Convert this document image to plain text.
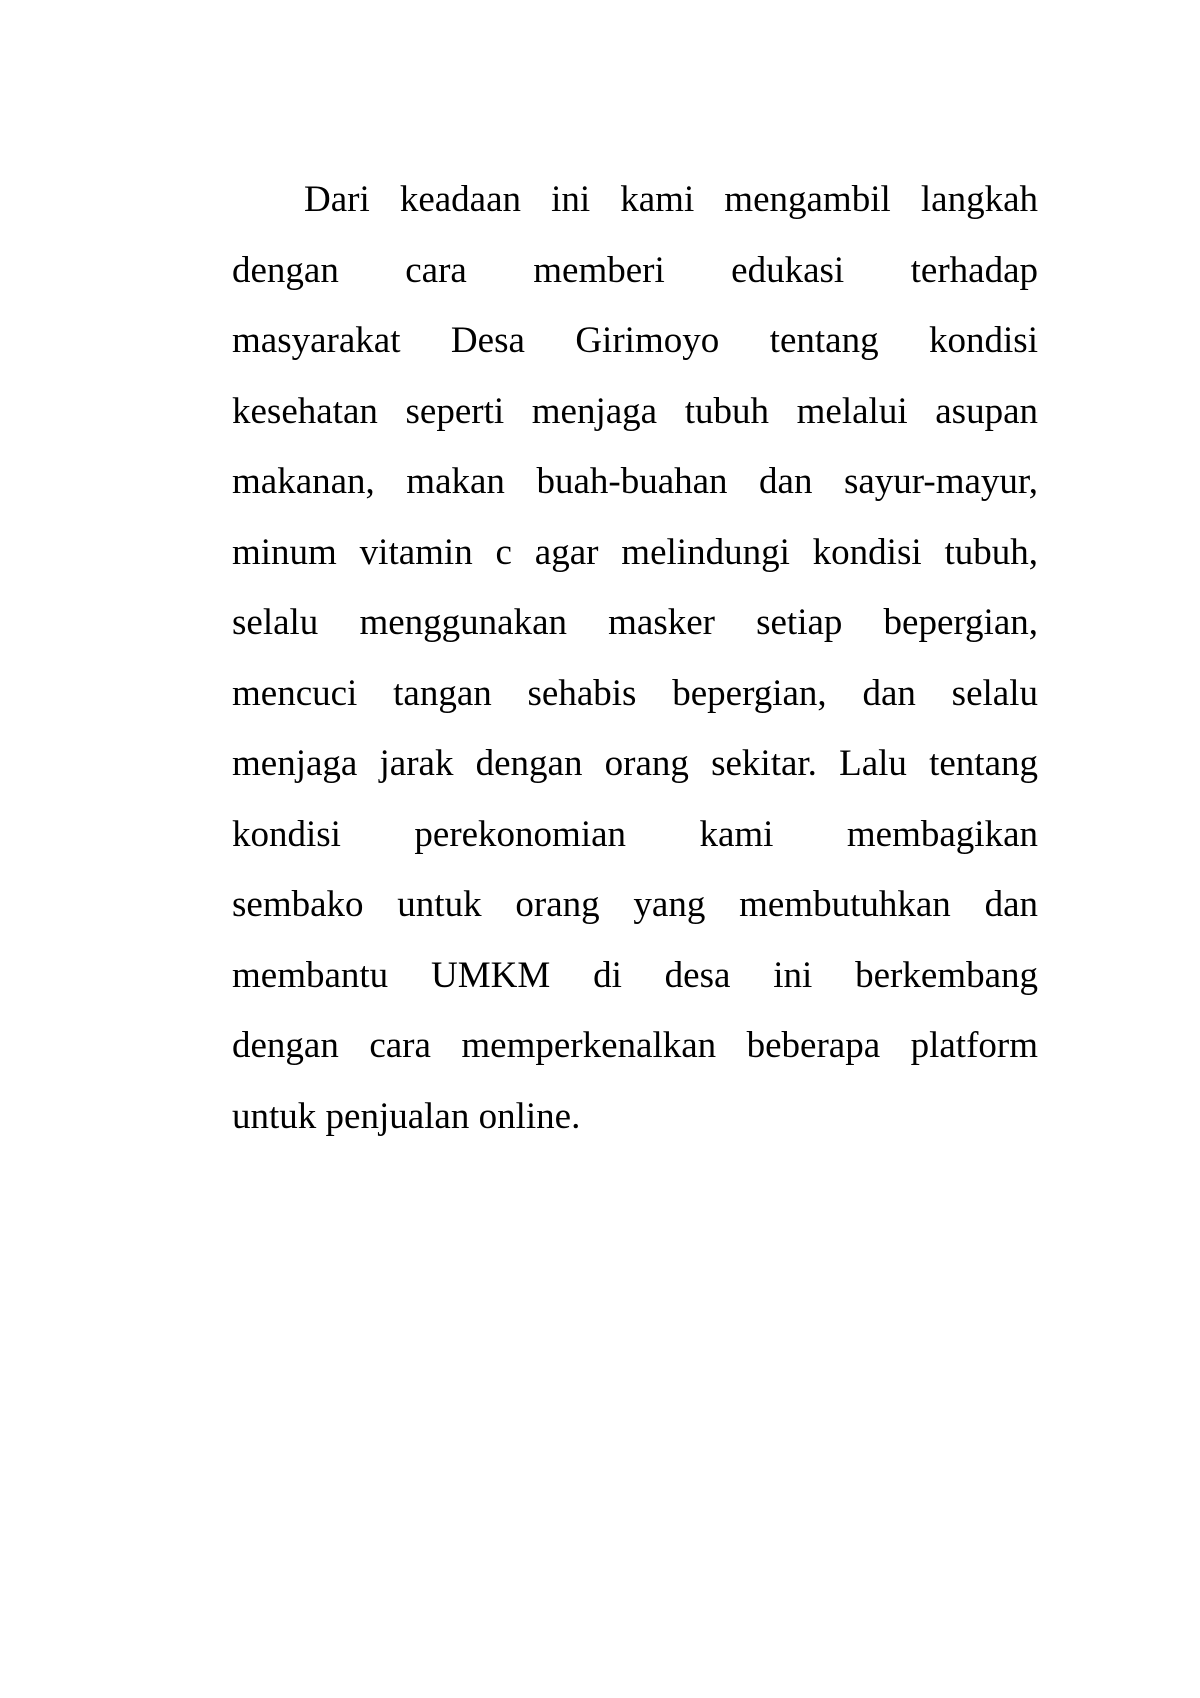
Dari keadaan ini kami mengambil langkah
dengan cara memberi edukasi terhadap
masyarakat Desa Girimoyo tentang kondisi
kesehatan seperti menjaga tubuh melalui asupan
makanan, makan buah-buahan dan sayur-mayur,
minum vitamin c agar melindungi kondisi tubuh,
selalu menggunakan masker setiap bepergian,
mencuci tangan sehabis bepergian, dan selalu
menjaga jarak dengan orang sekitar. Lalu tentang
kondisi perekonomian kami membagikan
sembako untuk orang yang membutuhkan dan
membantu UMKM di desa ini berkembang
dengan cara memperkenalkan beberapa platform
untuk penjualan online.
